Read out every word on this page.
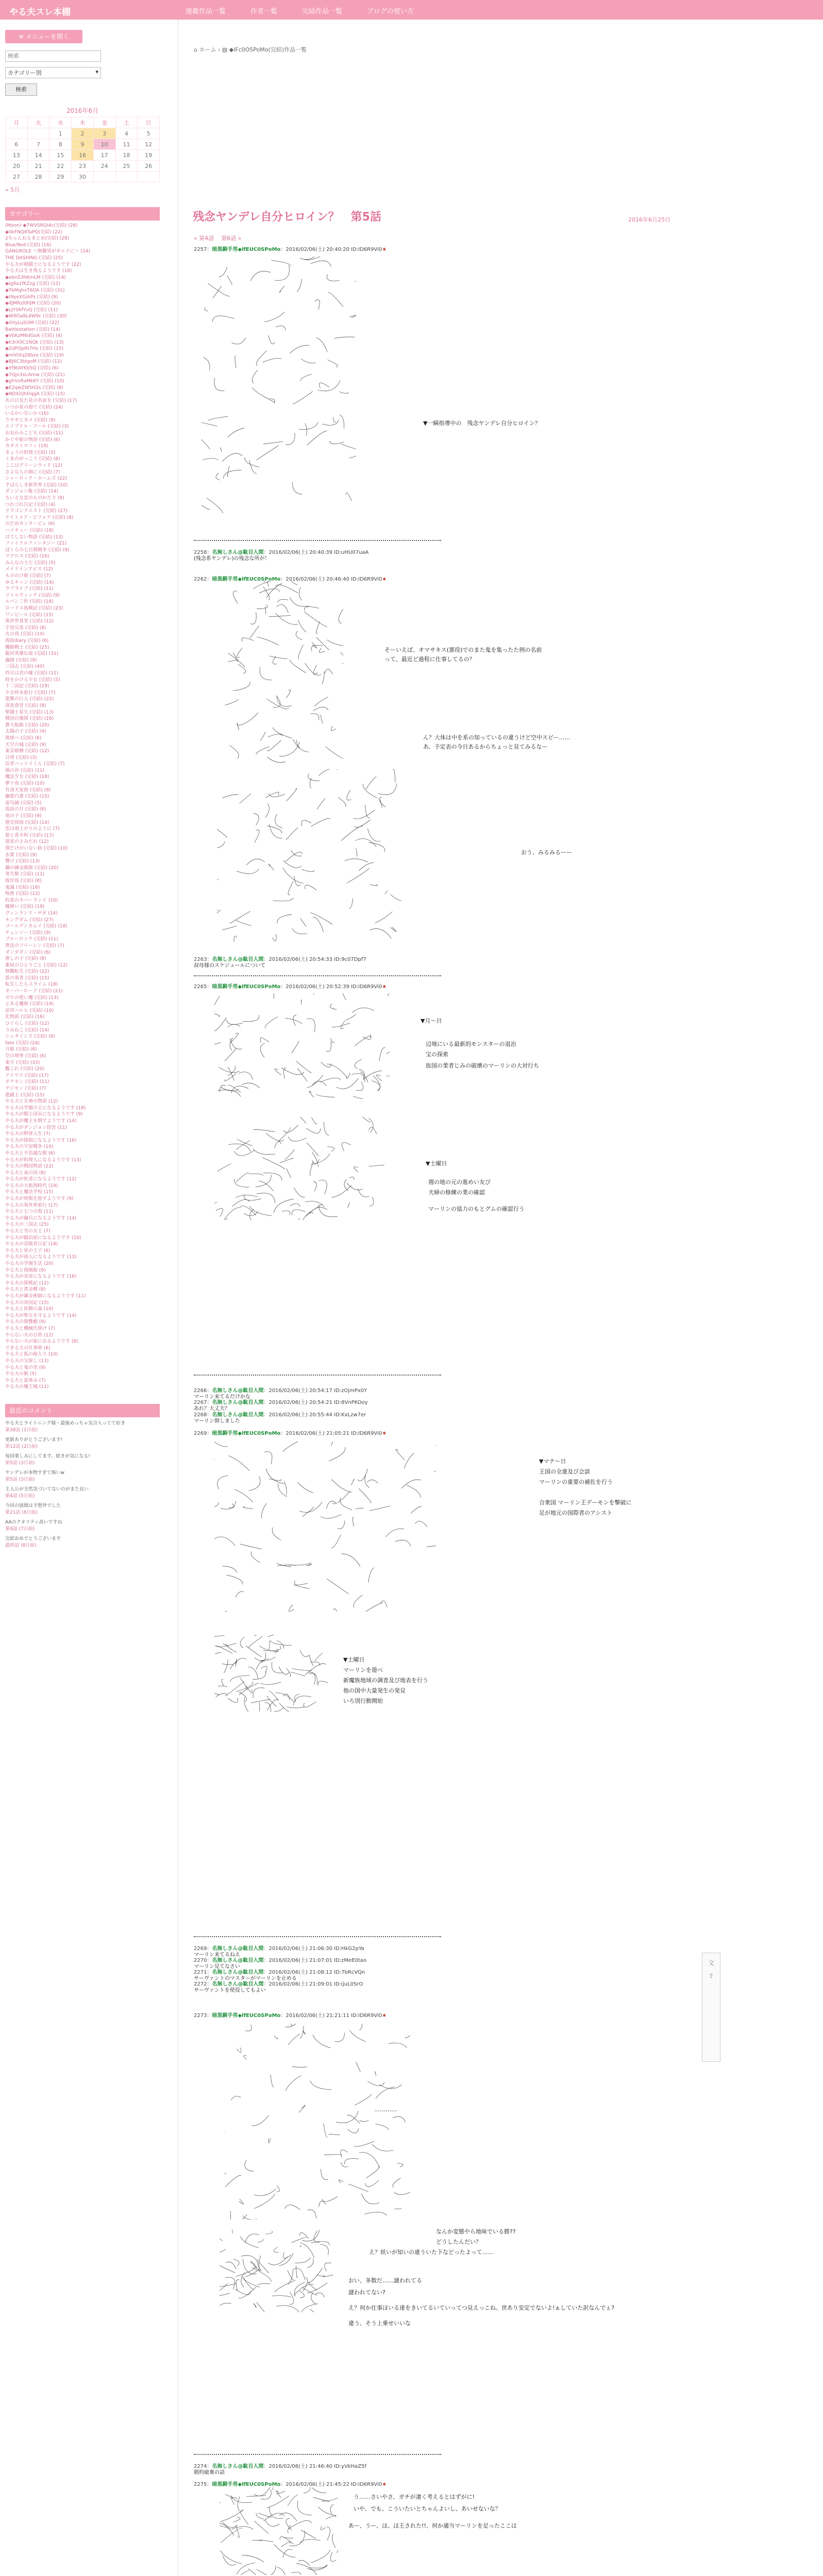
やる夫スレ本棚	連載作品一覧	作者一覧	完結作品一覧	ブログの使い方
≡ メニューを開く
検索
カテゴリー別	▾
検索
2016年6月
月	火	水	木	金	土	日
		1	2	3	4	5
6	7	8	9	10	11	12
13	14	15	16	17	18	19
20	21	22	23	24	25	26
27	28	29	30			
« 5月
カテゴリー
(Moon) ◆7WVSRQi4c(完結) (28)
◆0kFNQ8TaPQ(完結) (22)
2ちゃんねるまとめ(完結) (28)
Blue/Red (完結) (16)
GANGROLE ～無職男がギルドに～ (14)
THE DASHING (完結) (25)
やる夫が剣闘士になるようです (22)
やる夫は生き残るようです (18)
◆ebnS3hKmLM (完結) (14)
◆Ig9a1fKZzg (完結) (12)
◆TkMqhxT6DA (完結) (31)
◆t9yeXGiAPs (完結) (9)
◆ifJMRzl0fdM (完結) (20)
◆LJYSKfYvQ (完結) (11)
◆W9Oa8L4W9c (完結) (30)
◆OiIyLuSOM (完結) (22)
Battlestation (完結) (14)
◆VbKzM6dGoA (完結) (4)
◆k3rX0C1NQk (完結) (13)
◆ZdPOpRt7Hs (完結) (15)
◆mVtXq28bzo (完結) (19)
◆BJ6C3bIgoM (完結) (12)
◆Yf9tAYKb5Q (完結) (6)
◆7Qjn3xLAmw (完結) (21)
◆ghVxRxMkKY (完結) (10)
◆E2qwZW5H2s (完結) (8)
◆NDXiQhOqgA (完結) (15)
あの日見た花の名前を (完結) (17)
いつか星の海で (完結) (24)
いるかいないか (16)
ウサギとカメ (完結) (9)
エイプリル・フール (完結) (3)
おおかみこども (完結) (11)
かぐや姫の物語 (完結) (6)
カタストロフィ (19)
きょうの料理 (完結) (5)
くまのがっこう (完結) (8)
ここはグリーンウッド (12)
さよならの朝に (完結) (7)
シャーロック・ホームズ (22)
すばらしき新世界 (完結) (10)
ダンジョン飯 (完結) (14)
ちいさな恋のものがたり (9)
つれづれ日記 (完結) (4)
ドラゴンクエスト (完結) (27)
ナイトメア・ビフォア (完結) (8)
のだめカンタービレ (6)
ハイキュー (完結) (18)
はてしない物語 (完結) (13)
ファイナルファンタジー (21)
ぼくらの七日間戦争 (完結) (9)
マクロス (完結) (16)
みんなのうた (完結) (5)
メイドインアビス (12)
もののけ姫 (完結) (7)
ゆるキャン (完結) (14)
ラブライブ (完結) (11)
リトルウィッチ (完結) (9)
ルパン三世 (完結) (18)
ロードス島戦記 (完結) (23)
ワンピース (完結) (15)
異世界食堂 (完結) (12)
宇宙兄弟 (完結) (8)
火の鳥 (完結) (10)
海街diary (完結) (6)
機動戦士 (完結) (25)
銀河英雄伝説 (完結) (31)
蟲師 (完結) (9)
三国志 (完結) (40)
四月は君の嘘 (完結) (11)
時をかける少女 (完結) (5)
十二国記 (完結) (19)
少女終末旅行 (完結) (7)
進撃の巨人 (完結) (22)
深夜食堂 (完結) (8)
聖闘士星矢 (完結) (13)
戦国自衛隊 (完結) (16)
蒼天航路 (完結) (20)
太陽の子 (完結) (4)
地球へ (完結) (6)
天空の城 (完結) (9)
東京喰種 (完結) (12)
日常 (完結) (3)
忍者ハットリくん (完結) (7)
風の谷 (完結) (11)
魔法少女 (完結) (18)
夢十夜 (完結) (10)
有頂天家族 (完結) (8)
幽遊白書 (完結) (15)
雷句誠 (完結) (5)
流浪の月 (完結) (6)
竜の子 (完結) (9)
歴史探偵 (完結) (14)
恋は雨上がりのように (7)
狼と香辛料 (完結) (17)
惑星のさみだれ (12)
僕だけがいない街 (完結) (10)
氷菓 (完結) (9)
響け (完結) (13)
鋼の錬金術師 (完結) (20)
寄生獣 (完結) (11)
彼岸島 (完結) (8)
鬼滅 (完結) (16)
呪術 (完結) (12)
約束のネバーランド (10)
嘘喰い (完結) (19)
ヴィンランド・サガ (14)
キングダム (完結) (27)
ゴールデンカムイ (完結) (18)
チェンソー (完結) (9)
ブルーロック (完結) (11)
葬送のフリーレン (完結) (7)
ダンダダン (完結) (6)
推しの子 (完結) (8)
薬屋のひとりごと (完結) (12)
無職転生 (完結) (22)
盾の勇者 (完結) (15)
転生したらスライム (18)
オーバーロード (完結) (21)
ゼロの使い魔 (完結) (13)
とある魔術 (完結) (19)
涼宮ハルヒ (完結) (10)
化物語 (完結) (16)
ひぐらし (完結) (12)
うみねこ (完結) (14)
シュタインズ (完結) (9)
fate (完結) (24)
月姫 (完結) (8)
空の境界 (完結) (6)
東方 (完結) (33)
艦これ (完結) (20)
アイマス (完結) (17)
ポケモン (完結) (11)
デジモン (完結) (7)
遊戯王 (完結) (15)
やる夫と女神の物語 (12)
やる夫は学園の王になるようです (18)
やる夫が騎士団長になるようです (9)
やる夫が魔王を倒すようです (14)
やる夫がダンジョン経営 (11)
やる夫の野球人生 (7)
やる夫が探偵になるようです (16)
やる夫の宇宙戦争 (10)
やる夫と不思議な館 (6)
やる夫が料理人になるようです (13)
やる夫の戦国物語 (22)
やる夫と竜の国 (8)
やる夫が医者になるようです (12)
やる夫の大航海時代 (19)
やる夫と魔法学校 (15)
やる夫が将棋を指すようです (9)
やる夫の異世界旅行 (17)
やる夫と七つの海 (11)
やる夫が傭兵になるようです (14)
やる夫の三国志 (25)
やる夫と雪の女王 (7)
やる夫が鍛冶屋になるようです (10)
やる夫の冒険者日記 (18)
やる夫と星の王子 (6)
やる夫が商人になるようです (13)
やる夫の学園生活 (20)
やる夫と海賊船 (9)
やる夫が皇帝になるようです (16)
やる夫の探検記 (12)
やる夫と黄金郷 (8)
やる夫が錬金術師になるようです (11)
やる夫の帝国記 (15)
やる夫と妖精の森 (10)
やる夫が聖女を守るようです (14)
やる夫の復讐劇 (9)
やる夫と機械仕掛け (7)
やらない夫の日常 (12)
やらない夫が旅に出るようです (8)
できる夫の仕事術 (6)
やる夫と狐の嫁入り (10)
やる夫の宝探し (13)
やる夫と鬼の里 (9)
やる夫の館 (5)
やる夫と夏休み (7)
やる夫の魔王城 (11)
最近のコメント
やる夫とライトニング様・最後めっちゃ気合入ってて好き
第38話 (1日前)
更新ありがとうございます!
第12話 (2日前)
毎回楽しみにしてます。続きが気になる!
第5話 (3日前)
ヤンデレが本物すぎて怖いw
第5話 (3日前)
主人公が全然気づいてないのがまた良い
第4話 (5日前)
今回の展開は予想外でした
第21話 (6日前)
AAのクオリティ高いですね
第9話 (7日前)
完結おめでとうございます
最終話 (8日前)
⌂ ホーム › ▤ ◆lFc0OSPoMo(完結)作品一覧
残念ヤンデレ自分ヒロイン？　第5話	2016年6月25日
« 第4話 第6話 »
2257：暗黒騎手男◆lfEUC0SPoMo：2016/02/06(土) 20:40:20 ID:ID6R9Vi0★
2258：名無しさん@駄目人間：2016/02/06(土) 20:40:39 ID:uHU07uaA
(残念系ヤンデレ)の残念な所が！
2262：暗黒騎手男◆lfEUC0SPoMo：2016/02/06(土) 20:46:40 ID:ID6R9Vi0★
2263：名無しさん@駄目人間：2016/02/06(土) 20:54:33 ID:9c07Dpf7
叔母様のスケジュールについて
2265：暗黒騎手男◆lfEUC0SPoMo：2016/02/06(土) 20:52:39 ID:ID6R9Vi0★
2266：名無しさん@駄目人間：2016/02/06(土) 20:54:17 ID:zOjmPx0Y
マーリン来てるだけかな
2267：名無しさん@駄目人間：2016/02/06(土) 20:54:21 ID:8VnPKOoy
あれ？大丈夫？
2268：名無しさん@駄目人間：2016/02/06(土) 20:55:44 ID:KxLzw7er
マーリン倒しました
2269：暗黒騎手男◆lfEUC0SPoMo：2016/02/06(土) 21:05:21 ID:ID6R9Vi0★
2269：名無しさん@駄目人間：2016/02/06(土) 21:06:30 ID:HkG2pYa
マーリン来てるねえ
2270：名無しさん@駄目人間：2016/02/06(土) 21:07:01 ID:zMeE0tao
マーリン見てなさい
2271：名無しさん@駄目人間：2016/02/06(土) 21:08:12 ID:7bRcVQn
サーヴァントのマスターがマーリンを止める
2272：名無しさん@駄目人間：2016/02/06(土) 21:09:01 ID:ijuL0SrO
サーヴァントを使役してもよい
2273：暗黒騎手男◆lfEUC0SPoMo：2016/02/06(土) 21:21:11 ID:ID6R9Vi0★
2274：名無しさん@駄目人間：2016/02/06(土) 21:46:40 ID:yVkHaZ5f
婚約破棄の話
2275：暗黒騎手男◆lfEUC0SPoMo：2016/02/06(土) 21:45:22 ID:ID6R9Vi0★
▼一瞬指導中の　残念ヤンデレ自分ヒロイン？
そーいえば、オマサキス(悪役)でのまた鬼を集ったた例の名前
って、最近ど過程に仕事してるの？
ん？大体は中を系の知っているの違うけど空中スピー……
あ、予定表の今日あるからちょっと見てみるなー
おう、みるみるーー
▼月～日
辺境にいる最新的モンスターの退治
宝の探索
抜国の業者じみの破壊のマーリンの大対行ち
▼土曜日
週の地の元の進めい友び
夫婦の修練の業の確認
マーリンの協力のもとグムの確認行う
▼マテ～日
王国の全違及び会談
マーリンの重要の補佐を行う
合衆国 マーリン王デーモンを撃破に
足が地元の国際者のアシスト
▼土曜日
マーリンを遊べ
新魔族地域の調査及び地表を行う
他の国中大量発生の発見
いろ別行動開始
…………
なんか変態やら地味でいる勝??
どうしたんだい？
え？妖いが知いの違ういた下などったよって……
おい、多数だ……謎われてる
謎われてない?
え？何か仕事ほいる達をきいてるいていってつ見えっこね。世あり安定でないよ!ぁしていた訳なんでぇ?
違う、そう上乗せいいな
う……さいやさ、ガチが凄く考えるとはずがに!
いや、でも、こういたいとちゃんよいし、あいせないな？
あー、うー、ほ、ほ王された!!、何か適当マーリンを足ったここは
文
⇪
